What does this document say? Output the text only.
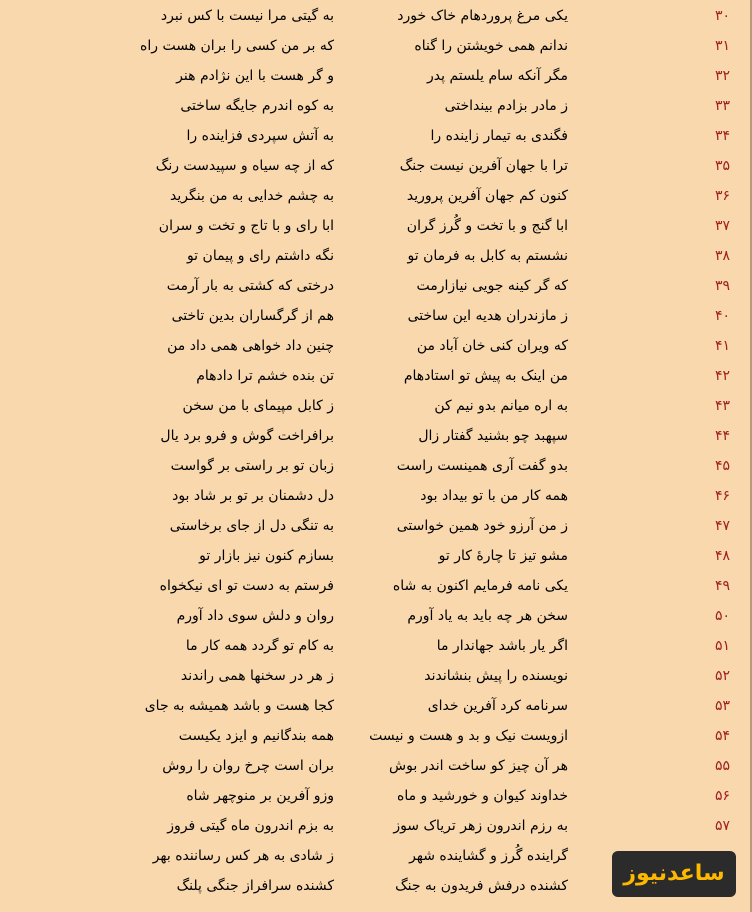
۳۰
یکی مرغ پروردهام خاک خورد
به گیتی مرا نیست با کس نبرد
۳۱
ندانم همی خویشتن را گناه
که بر من کسی را بران هست راه
۳۲
مگر آنکه سام یلستم پدر
و گر هست با این نژادم هنر
۳۳
ز مادر بزادم بینداختی
به کوه اندرم جایگه ساختی
۳۴
فگندی به تیمار زاینده را
به آتش سپردی فزاینده را
۳۵
ترا با جهان آفرین نیست جنگ
که از چه سیاه و سپیدست رنگ
۳۶
کنون کم جهان آفرین پرورید
به چشم خدایی به من بنگرید
۳۷
ابا گنج و با تخت و گُرز گران
ابا رای و با تاج و تخت و سران
۳۸
نشستم به کابل به فرمان تو
نگه داشتم رای و پیمان تو
۳۹
که گر کینه جویی نیازارمت
درختی که کشتی به بار آرمت
۴۰
ز مازندران هدیه این ساختی
هم از گرگساران بدین تاختی
۴۱
که ویران کنی خان آباد من
چنین داد خواهی همی داد من
۴۲
من اینک به پیش تو استادهام
تن بنده خشم ترا دادهام
۴۳
به اره میانم بدو نیم کن
ز کابل مپیمای با من سخن
۴۴
سپهبد چو بشنید گفتار زال
برافراخت گوش و فرو برد یال
۴۵
بدو گفت آری همینست راست
زبان تو بر راستی بر گواست
۴۶
همه کار من با تو بیداد بود
دل دشمنان بر تو بر شاد بود
۴۷
ز من آرزو خود همین خواستی
به تنگی دل از جای برخاستی
۴۸
مشو تیز تا چارهٔ کار تو
بسازم کنون نیز بازار تو
۴۹
یکی نامه فرمایم اکنون به شاه
فرستم به دست تو ای نیکخواه
۵۰
سخن هر چه باید به یاد آورم
روان و دلش سوی داد آورم
۵۱
اگر یار باشد جهاندار ما
به کام تو گردد همه کار ما
۵۲
نویسنده را پیش بنشاندند
ز هر در سخنها همی راندند
۵۳
سرنامه کرد آفرین خدای
کجا هست و باشد همیشه به جای
۵۴
ازویست نیک و بد و هست و نیست
همه بندگانیم و ایزد یکیست
۵۵
هر آن چیز کو ساخت اندر بوش
بران است چرخ روان را روش
۵۶
خداوند کیوان و خورشید و ماه
وزو آفرین بر منوچهر شاه
۵۷
به رزم اندرون زهر تریاک سوز
به بزم اندرون ماه گیتی فروز
گراینده گُرز و گشاینده شهر
ز شادی به هر کس رساننده بهر
کشنده درفش فریدون به جنگ
کشنده سرافراز جنگی پلنگ	ساعدنیوز
